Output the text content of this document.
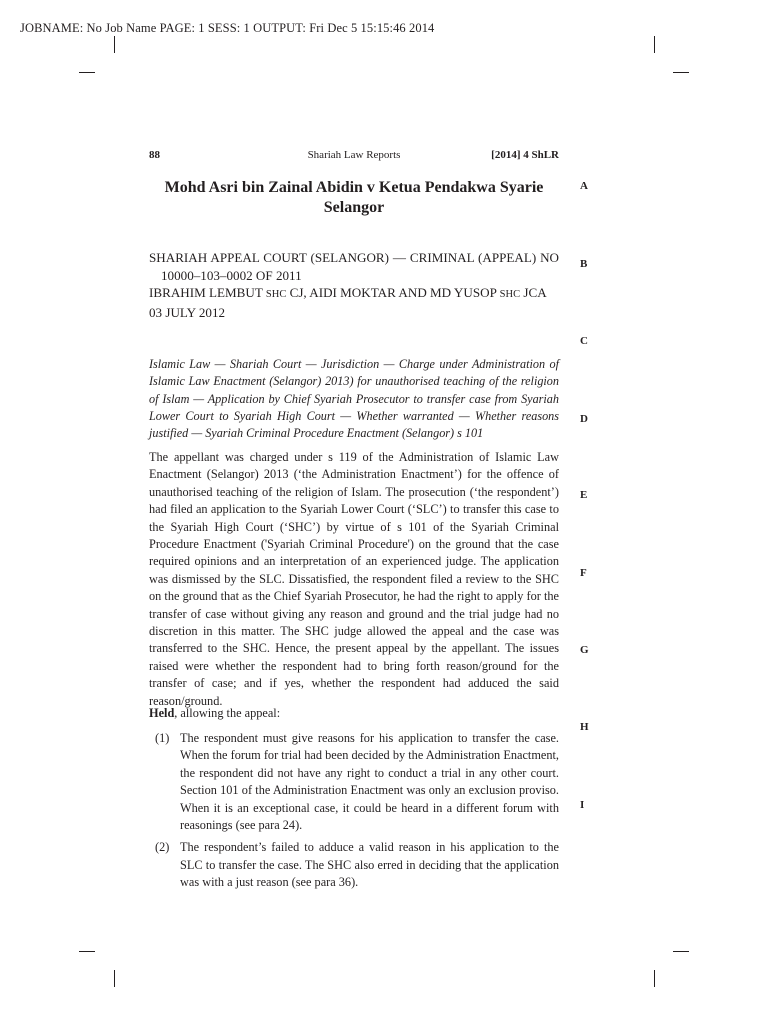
JOBNAME: No Job Name PAGE: 1 SESS: 1 OUTPUT: Fri Dec 5 15:15:46 2014
88	Shariah Law Reports	[2014] 4 ShLR
Mohd Asri bin Zainal Abidin v Ketua Pendakwa Syarie Selangor
SHARIAH APPEAL COURT (SELANGOR) — CRIMINAL (APPEAL) NO 10000–103–0002 OF 2011
IBRAHIM LEMBUT SHC CJ, AIDI MOKTAR AND MD YUSOP SHC JCA
03 JULY 2012
Islamic Law — Shariah Court — Jurisdiction — Charge under Administration of Islamic Law Enactment (Selangor) 2013) for unauthorised teaching of the religion of Islam — Application by Chief Syariah Prosecutor to transfer case from Syariah Lower Court to Syariah High Court — Whether warranted — Whether reasons justified — Syariah Criminal Procedure Enactment (Selangor) s 101
The appellant was charged under s 119 of the Administration of Islamic Law Enactment (Selangor) 2013 (‘the Administration Enactment’) for the offence of unauthorised teaching of the religion of Islam. The prosecution (‘the respondent’) had filed an application to the Syariah Lower Court (‘SLC’) to transfer this case to the Syariah High Court (‘SHC’) by virtue of s 101 of the Syariah Criminal Procedure Enactment ('Syariah Criminal Procedure') on the ground that the case required opinions and an interpretation of an experienced judge. The application was dismissed by the SLC. Dissatisfied, the respondent filed a review to the SHC on the ground that as the Chief Syariah Prosecutor, he had the right to apply for the transfer of case without giving any reason and ground and the trial judge had no discretion in this matter. The SHC judge allowed the appeal and the case was transferred to the SHC. Hence, the present appeal by the appellant. The issues raised were whether the respondent had to bring forth reason/ground for the transfer of case; and if yes, whether the respondent had adduced the said reason/ground.
Held, allowing the appeal:
(1) The respondent must give reasons for his application to transfer the case. When the forum for trial had been decided by the Administration Enactment, the respondent did not have any right to conduct a trial in any other court. Section 101 of the Administration Enactment was only an exclusion proviso. When it is an exceptional case, it could be heard in a different forum with reasonings (see para 24).
(2) The respondent’s failed to adduce a valid reason in his application to the SLC to transfer the case. The SHC also erred in deciding that the application was with a just reason (see para 36).
A
B
C
D
E
F
G
H
I
